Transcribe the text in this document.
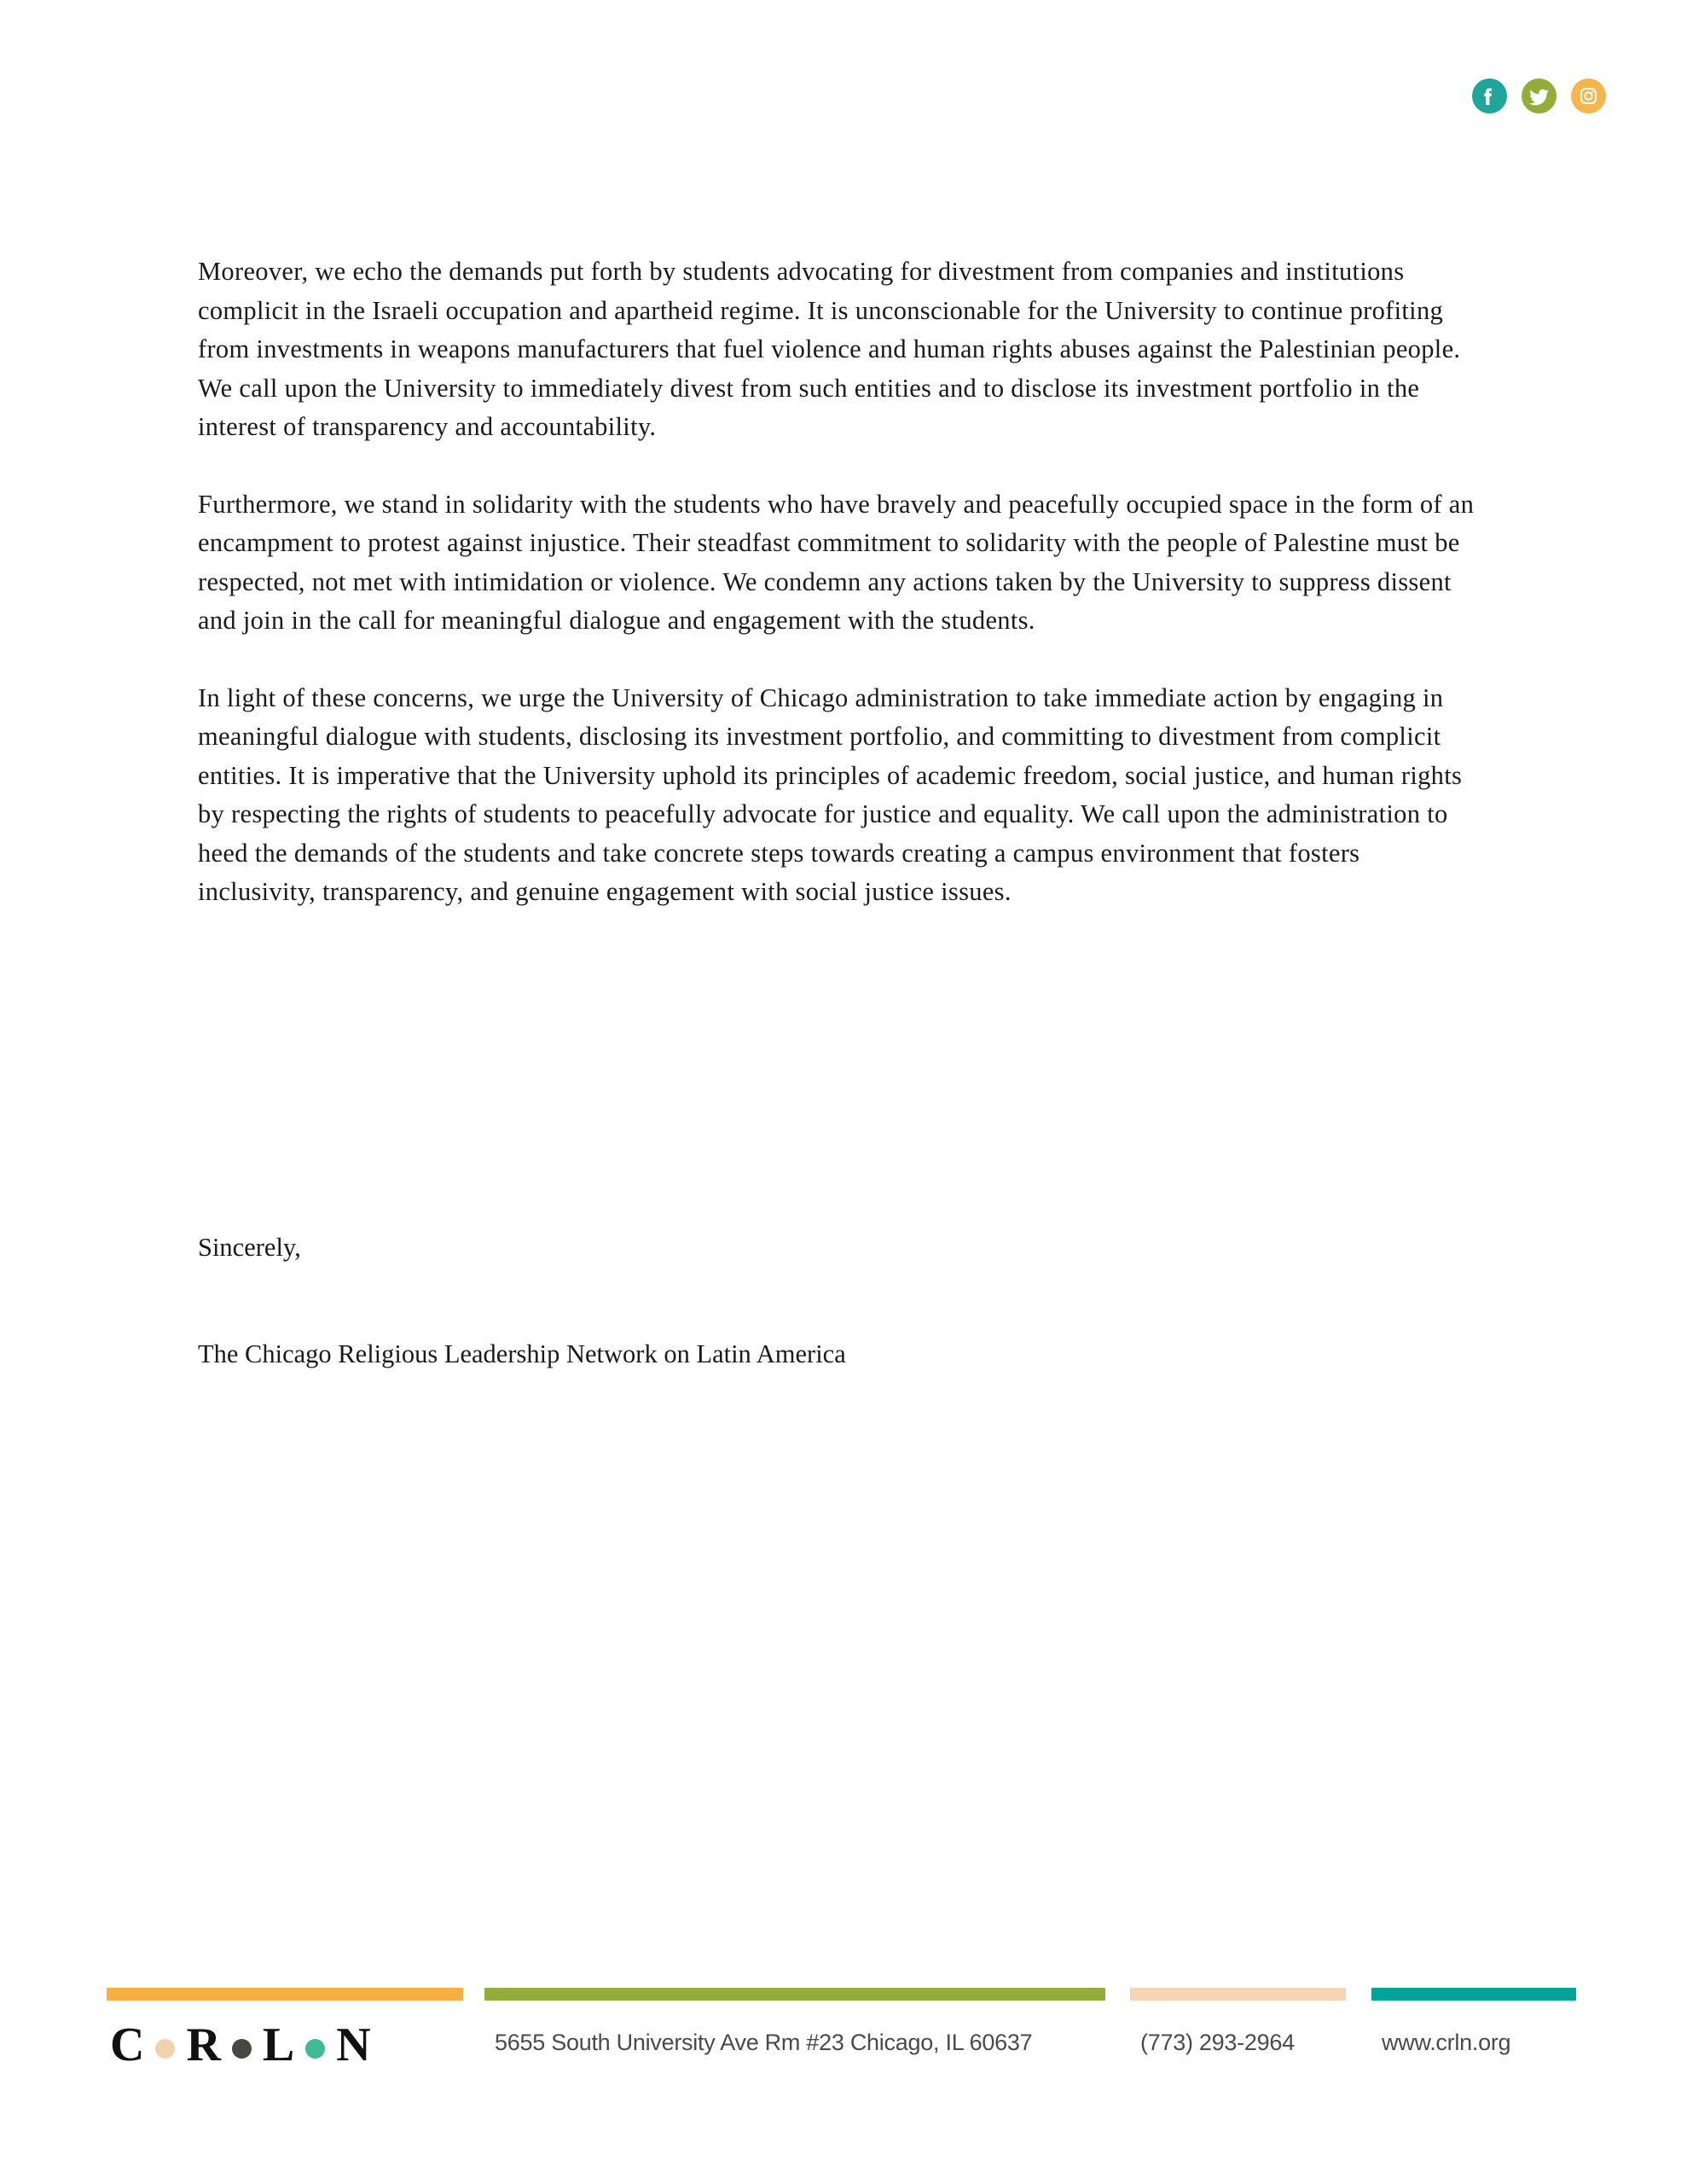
Moreover, we echo the demands put forth by students advocating for divestment from companies and institutions complicit in the Israeli occupation and apartheid regime. It is unconscionable for the University to continue profiting from investments in weapons manufacturers that fuel violence and human rights abuses against the Palestinian people. We call upon the University to immediately divest from such entities and to disclose its investment portfolio in the interest of transparency and accountability.

Furthermore, we stand in solidarity with the students who have bravely and peacefully occupied space in the form of an encampment to protest against injustice. Their steadfast commitment to solidarity with the people of Palestine must be respected, not met with intimidation or violence. We condemn any actions taken by the University to suppress dissent and join in the call for meaningful dialogue and engagement with the students.

In light of these concerns, we urge the University of Chicago administration to take immediate action by engaging in meaningful dialogue with students, disclosing its investment portfolio, and committing to divestment from complicit entities. It is imperative that the University uphold its principles of academic freedom, social justice, and human rights by respecting the rights of students to peacefully advocate for justice and equality. We call upon the administration to heed the demands of the students and take concrete steps towards creating a campus environment that fosters inclusivity, transparency, and genuine engagement with social justice issues.

Sincerely,

The Chicago Religious Leadership Network on Latin America

C R L N	5655 South University Ave Rm #23 Chicago, IL 60637	(773) 293-2964	www.crln.org
